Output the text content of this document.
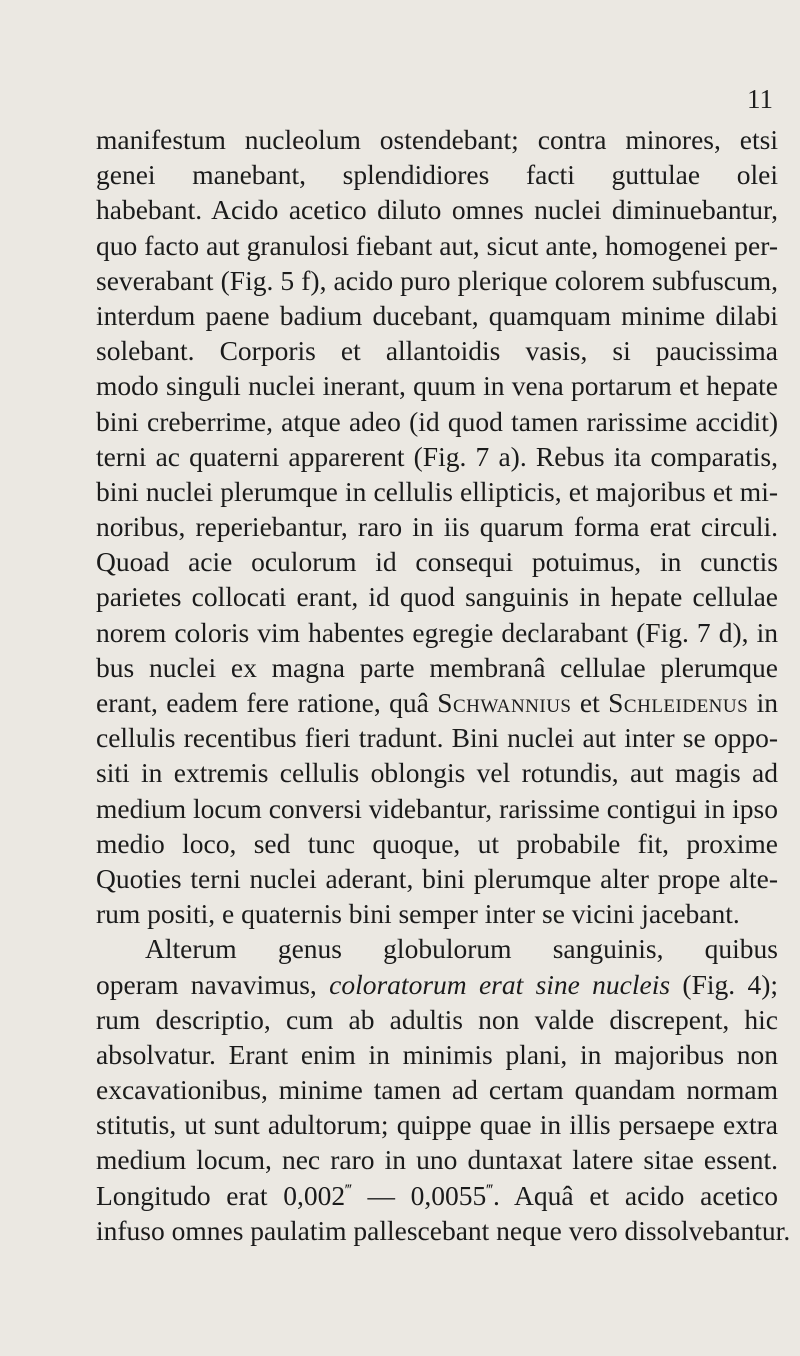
11
manifestum nucleolum ostendebant; contra minores, etsi
genei manebant, splendidiores facti guttulae olei
habebant. Acido acetico diluto omnes nuclei diminuebantur,
quo facto aut granulosi fiebant aut, sicut ante, homogenei per-
severabant (Fig. 5 f), acido puro plerique colorem subfuscum,
interdum paene badium ducebant, quamquam minime dilabi
solebant. Corporis et allantoidis vasis, si paucissima
modo singuli nuclei inerant, quum in vena portarum et hepate
bini creberrime, atque adeo (id quod tamen rarissime accidit)
terni ac quaterni apparerent (Fig. 7 a). Rebus ita comparatis,
bini nuclei plerumque in cellulis ellipticis, et majoribus et mi-
noribus, reperiebantur, raro in iis quarum forma erat circuli.
Quoad acie oculorum id consequi potuimus, in cunctis
parietes collocati erant, id quod sanguinis in hepate cellulae
norem coloris vim habentes egregie declarabant (Fig. 7 d), in
bus nuclei ex magna parte membranâ cellulae plerumque
erant, eadem fere ratione, quâ Schwannius et Schleidenus in
cellulis recentibus fieri tradunt. Bini nuclei aut inter se oppo-
siti in extremis cellulis oblongis vel rotundis, aut magis ad
medium locum conversi videbantur, rarissime contigui in ipso
medio loco, sed tunc quoque, ut probabile fit, proxime
Quoties terni nuclei aderant, bini plerumque alter prope alte-
rum positi, e quaternis bini semper inter se vicini jacebant.
Alterum genus globulorum sanguinis, quibus
operam navavimus, coloratorum erat sine nucleis (Fig. 4);
rum descriptio, cum ab adultis non valde discrepent, hic
absolvatur. Erant enim in minimis plani, in majoribus non
excavationibus, minime tamen ad certam quandam normam
stitutis, ut sunt adultorum; quippe quae in illis persaepe extra
medium locum, nec raro in uno duntaxat latere sitae essent.
Longitudo erat 0,002‴ — 0,0055‴. Aquâ et acido acetico
infuso omnes paulatim pallescebant neque vero dissolvebantur.
